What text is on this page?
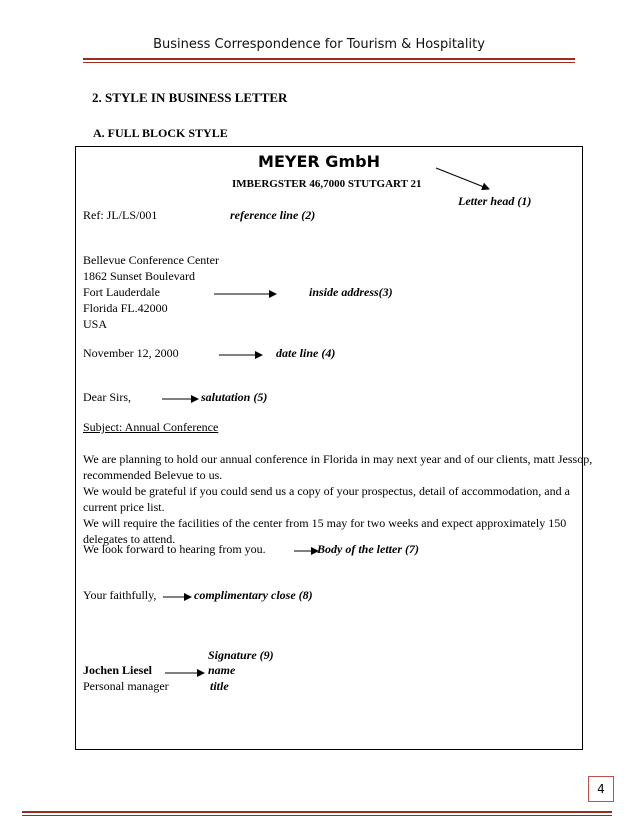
Business Correspondence for Tourism & Hospitality
2. STYLE IN BUSINESS LETTER
A. FULL BLOCK STYLE
MEYER GmbH
IMBERGSTER 46,7000 STUTGART 21
Letter head (1)
Ref: JL/LS/001	reference line (2)
Bellevue Conference Center
1862 Sunset Boulevard
Fort Lauderdale
Florida FL.42000
USA
inside address(3)
November 12, 2000	date line (4)
Dear Sirs,	salutation (5)
Subject: Annual Conference
We are planning to hold our annual conference in Florida in may next year and of our clients, matt Jessop,
recommended Belevue to us.
We would be grateful if you could send us a copy of your prospectus, detail of accommodation, and a
current price list.
We will require the facilities of the center from 15 may for two weeks and expect approximately 150
delegates to attend.
We look forward to hearing from you.	Body of the letter (7)
Your faithfully,	complimentary close (8)
Signature (9)
Jochen Liesel	name
Personal manager	title
4
